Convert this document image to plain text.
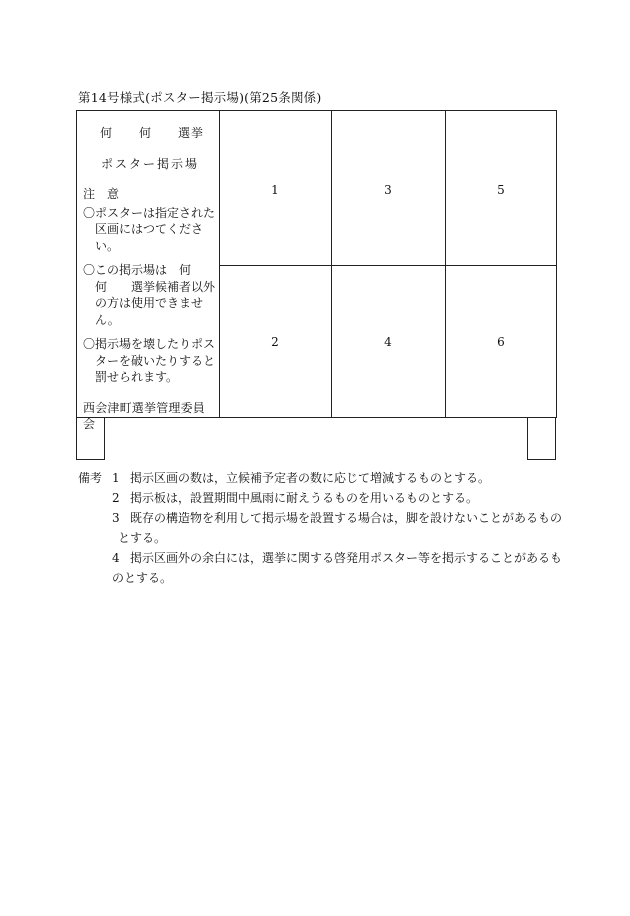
第14号様式(ポスター掲示場)(第25条関係)
何　　何　　選挙
ポスター掲示場
注　意
〇ポスターは指定された
区画にはつてください。
〇この掲示場は　何
何　　選挙候補者以外の方は使用できません。
〇掲示場を壊したりポス
ターを破いたりすると罰せられます。
西会津町選挙管理委員会
1
2
3
4
5
6
備考 1 掲示区画の数は，立候補予定者の数に応じて増減するものとする。
2 掲示板は，設置期間中風雨に耐えうるものを用いるものとする。
3 既存の構造物を利用して掲示場を設置する場合は，脚を設けないことがあるもの
とする。
4 掲示区画外の余白には，選挙に関する啓発用ポスター等を掲示することがあるも
のとする。
